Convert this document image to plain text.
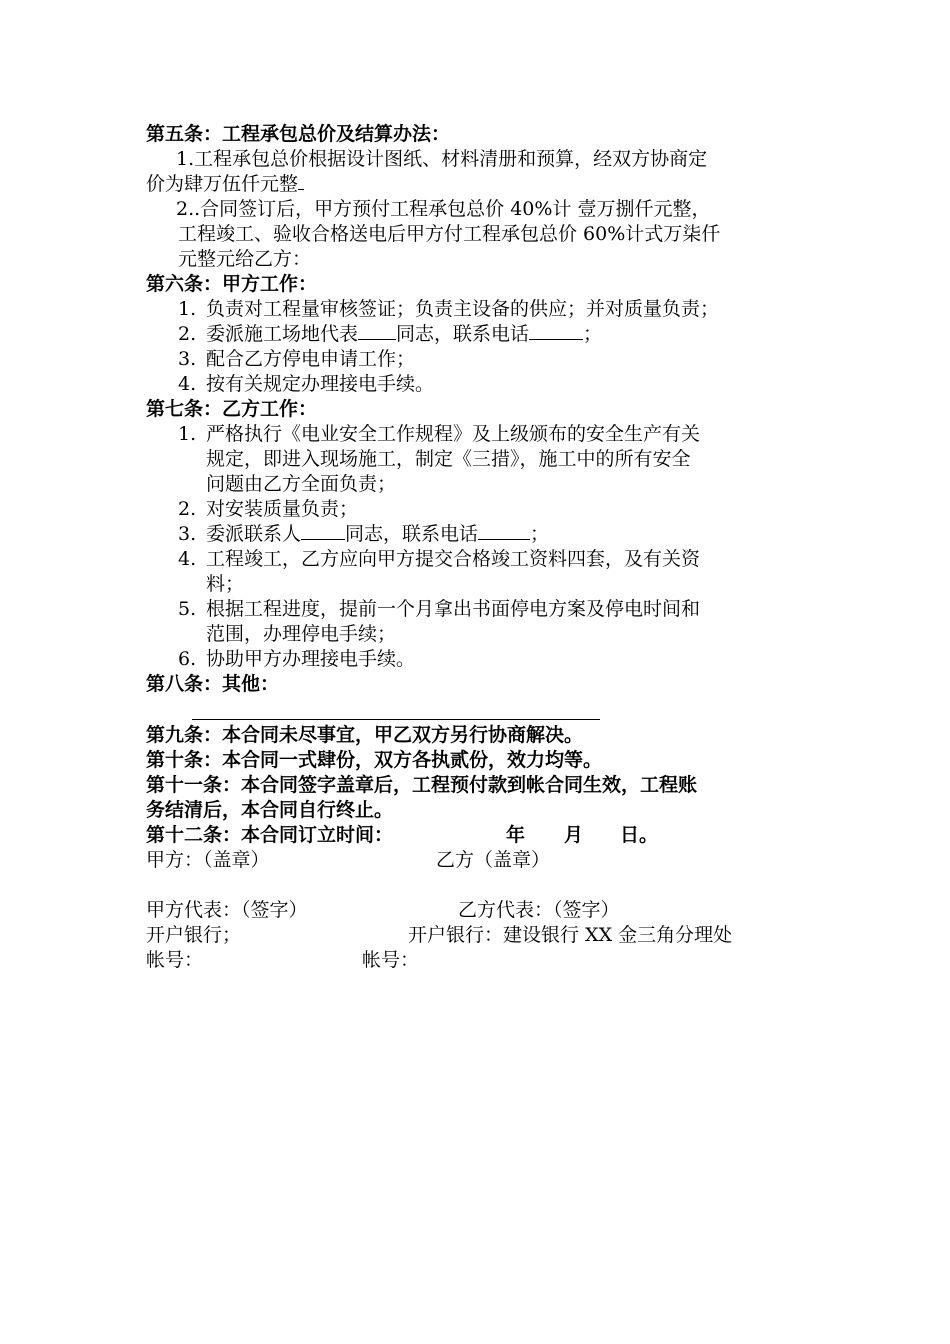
第五条：工程承包总价及结算办法：
1.工程承包总价根据设计图纸、材料清册和预算，经双方协商定
价为肆万伍仟元整
2..合同签订后，甲方预付工程承包总价 40%计 壹万捌仟元整，
工程竣工、验收合格送电后甲方付工程承包总价 60%计式万柒仟
元整元给乙方：
第六条：甲方工作：
1. 负责对工程量审核签证；负责主设备的供应；并对质量负责；
2. 委派施工场地代表 同志，联系电话	；
3. 配合乙方停电申请工作；
4. 按有关规定办理接电手续。
第七条：乙方工作：
1. 严格执行《电业安全工作规程》及上级颁布的安全生产有关
规定，即进入现场施工，制定《三措》，施工中的所有安全
问题由乙方全面负责；
2. 对安装质量负责；
3. 委派联系人 同志，联系电话	；
4. 工程竣工，乙方应向甲方提交合格竣工资料四套，及有关资
料；
5. 根据工程进度，提前一个月拿出书面停电方案及停电时间和
范围，办理停电手续；
6. 协助甲方办理接电手续。
第八条：其他：
第九条：本合同未尽事宜，甲乙双方另行协商解决。
第十条：本合同一式肆份，双方各执贰份，效力均等。
第十一条：本合同签字盖章后，工程预付款到帐合同生效，工程账
务结清后，本合同自行终止。
第十二条：本合同订立时间：	年 月 日。
甲方：（盖章）	乙方（盖章）
甲方代表：（签字）	乙方代表：（签字）
开户银行；	开户银行：建设银行 XX 金三角分理处
帐号：	帐号：
